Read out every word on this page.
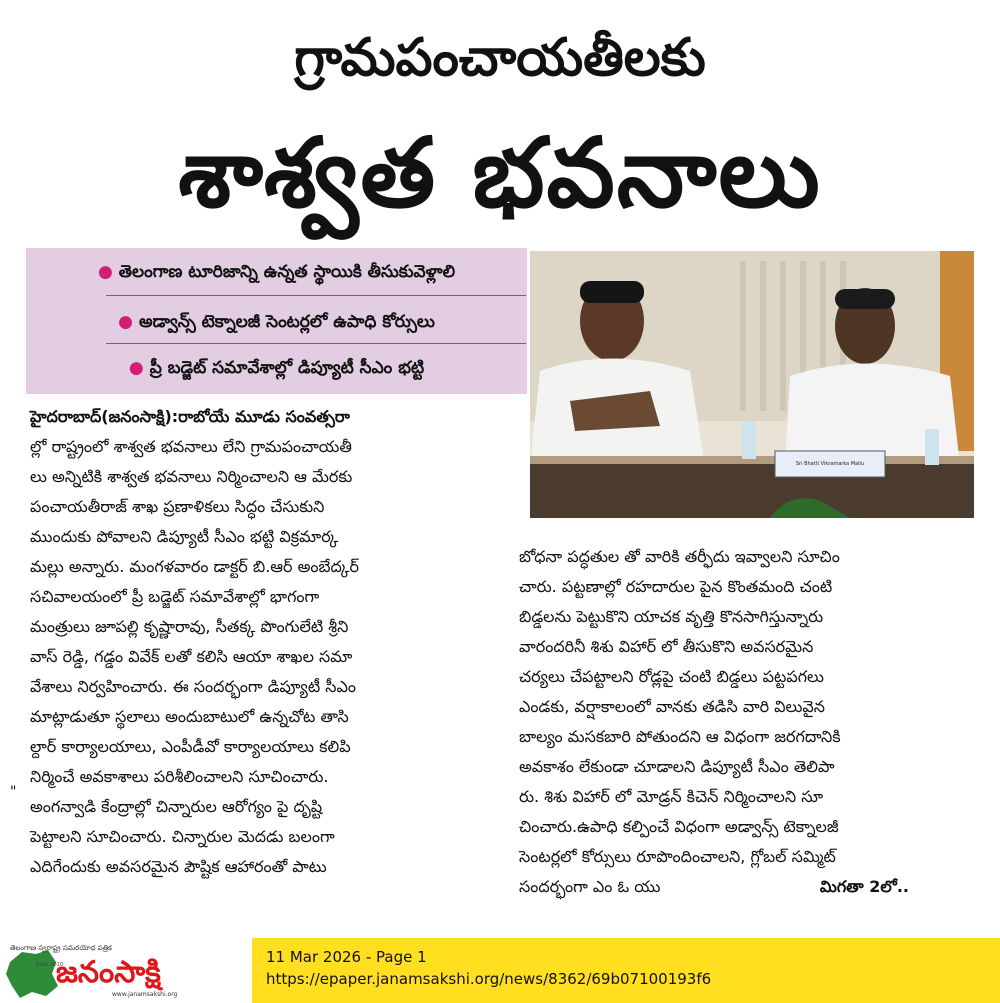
గ్రామపంచాయతీలకు
శాశ్వత భవనాలు
● తెలంగాణ టూరిజాన్ని ఉన్నత స్థాయికి తీసుకువెళ్లాలి
● అడ్వాన్స్ టెక్నాలజీ సెంటర్లలో ఉపాధి కోర్సులు
● ప్రీ బడ్జెట్ సమావేశాల్లో డిప్యూటీ సీఎం భట్టి
Sri Bhatti Vikramarka Mallu
హైదరాబాద్(జనంసాక్షి):రాబోయే మూడు సంవత్సరా
ల్లో రాష్ట్రంలో శాశ్వత భవనాలు లేని గ్రామపంచాయతీ
లు అన్నిటికి శాశ్వత భవనాలు నిర్మించాలని ఆ మేరకు
పంచాయతీరాజ్ శాఖ ప్రణాళికలు సిద్ధం చేసుకుని
ముందుకు పోవాలని డిప్యూటీ సీఎం భట్టి విక్రమార్క
మల్లు అన్నారు. మంగళవారం డాక్టర్ బి.ఆర్ అంబేద్కర్
సచివాలయంలో ప్రీ బడ్జెట్ సమావేశాల్లో భాగంగా
మంత్రులు జూపల్లి కృష్ణారావు, సీతక్క పొంగులేటి శ్రీని
వాస్ రెడ్డి, గడ్డం వివేక్ లతో కలిసి ఆయా శాఖల సమా
వేశాలు నిర్వహించారు. ఈ సందర్భంగా డిప్యూటీ సీఎం
మాట్లాడుతూ స్థలాలు అందుబాటులో ఉన్నచోట తాసి
ల్దార్ కార్యాలయాలు, ఎంపీడీవో కార్యాలయాలు కలిపి
నిర్మించే అవకాశాలు పరిశీలించాలని సూచించారు.
అంగన్వాడి కేంద్రాల్లో చిన్నారుల ఆరోగ్యం పై దృష్టి
పెట్టాలని సూచించారు. చిన్నారుల మెదడు బలంగా
ఎదిగేందుకు అవసరమైన పౌష్టిక ఆహారంతో పాటు
"
బోధనా పద్ధతుల తో వారికి తర్ఫీదు ఇవ్వాలని సూచిం
చారు. పట్టణాల్లో రహదారుల పైన కొంతమంది చంటి
బిడ్డలను పెట్టుకొని యాచక వృత్తి కొనసాగిస్తున్నారు
వారందరినీ శిశు విహార్ లో తీసుకొని అవసరమైన
చర్యలు చేపట్టాలని రోడ్లపై చంటి బిడ్డలు పట్టపగలు
ఎండకు, వర్షాకాలంలో వానకు తడిసి వారి విలువైన
బాల్యం మసకబారి పోతుందని ఆ విధంగా జరగదానికి
అవకాశం లేకుండా చూడాలని డిప్యూటీ సీఎం తెలిపా
రు. శిశు విహార్ లో మోడ్రన్ కిచెన్ నిర్మించాలని సూ
చించారు.ఉపాధి కల్పించే విధంగా అడ్వాన్స్ టెక్నాలజీ
సెంటర్లలో కోర్సులు రూపొందించాలని, గ్లోబల్ సమ్మిట్
సందర్భంగా ఎం ఓ యు	మిగతా 2లో..
తెలంగాణ స్వరాష్ట్ర సమరయోధ పత్రిక
Estd: 2010
జనంసాక్షి
www.janamsakshi.org
11 Mar 2026 - Page 1
https://epaper.janamsakshi.org/news/8362/69b07100193f6
